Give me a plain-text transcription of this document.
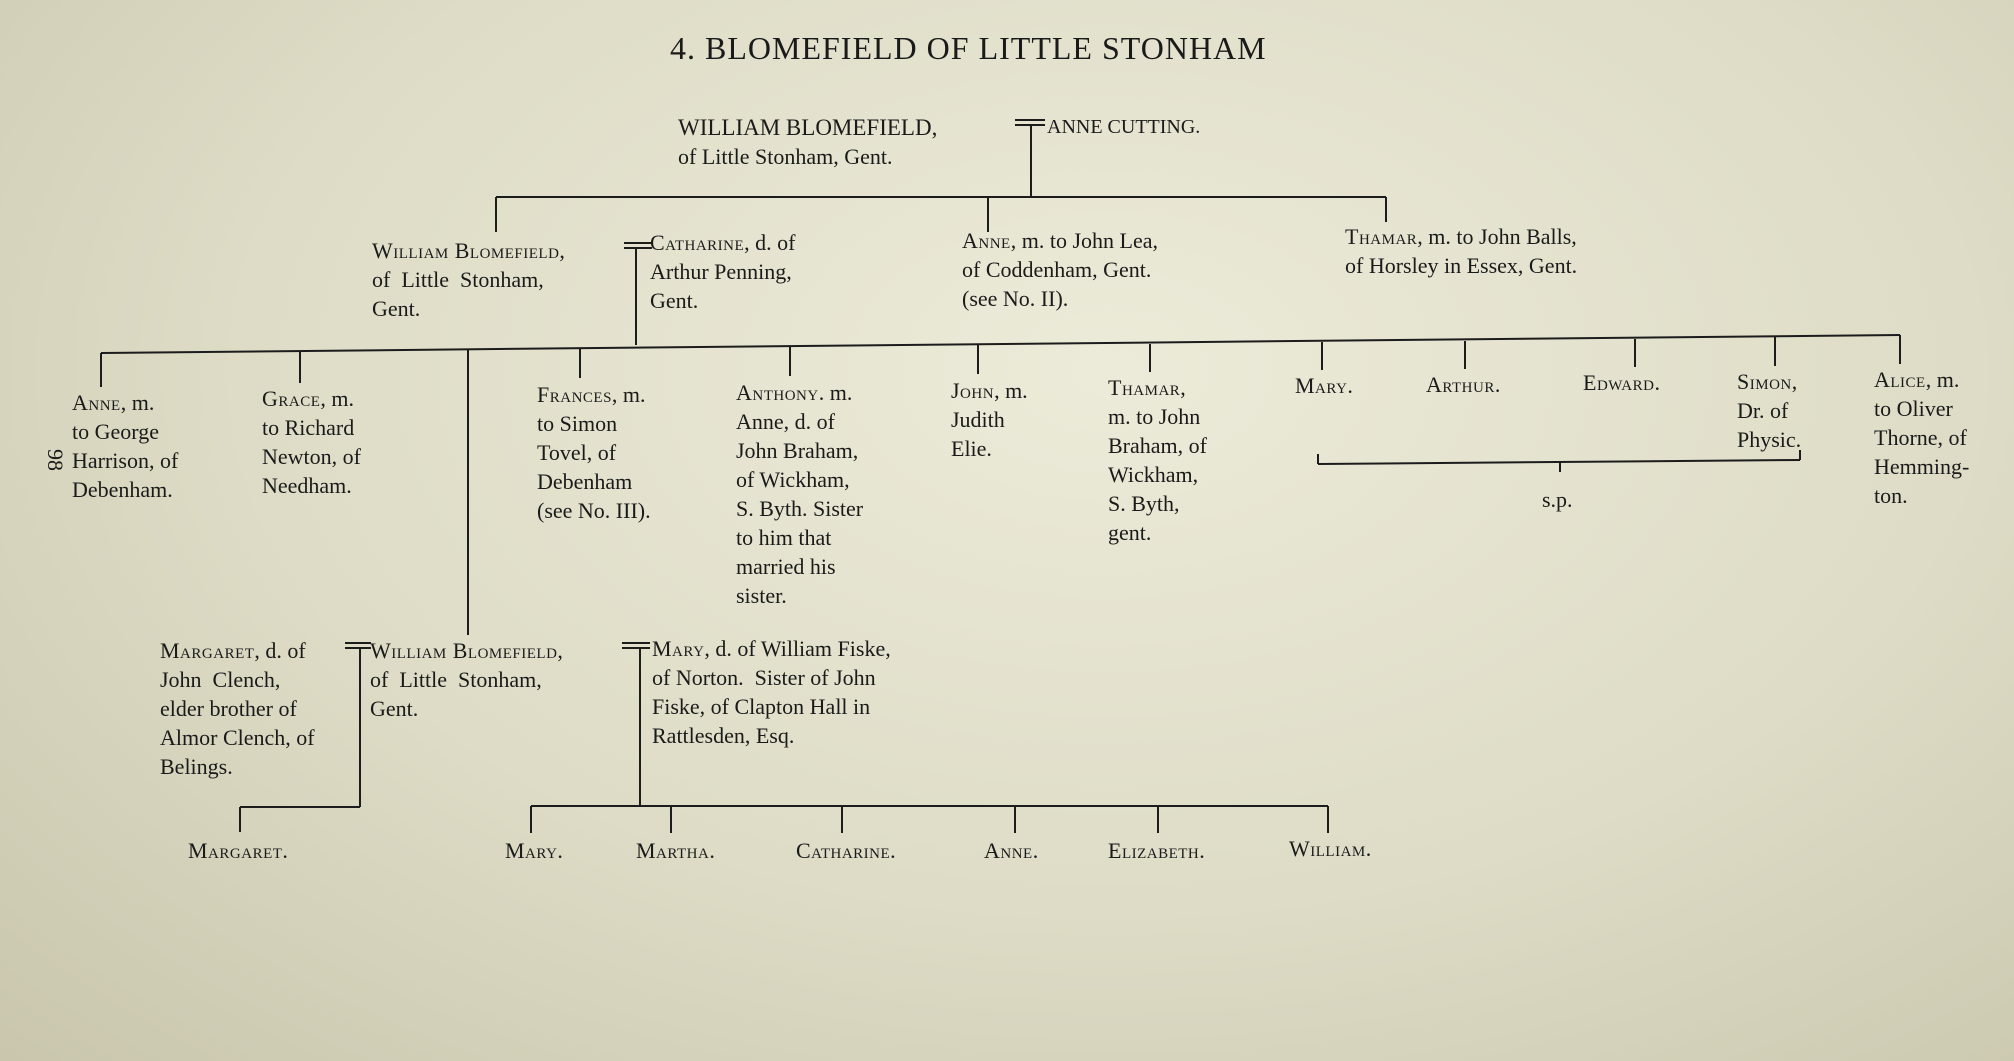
4. BLOMEFIELD OF LITTLE STONHAM
98
WILLIAM BLOMEFIELD,
of Little Stonham, Gent.
ANNE CUTTING.
William Blomefield,
of  Little  Stonham,
Gent.
Catharine, d. of
Arthur Penning,
Gent.
Anne, m. to John Lea,
of Coddenham, Gent.
(see No. II).
Thamar, m. to John Balls,
of Horsley in Essex, Gent.
Anne, m.
to George
Harrison, of
Debenham.
Grace, m.
to Richard
Newton, of
Needham.
Frances, m.
to Simon
Tovel, of
Debenham
(see No. III).
Anthony. m.
Anne, d. of
John Braham,
of Wickham,
S. Byth. Sister
to him that
married his
sister.
John, m.
Judith
Elie.
Thamar,
m. to John
Braham, of
Wickham,
S. Byth,
gent.
Mary.	Arthur.	Edward.	Simon,
Dr. of
Physic.
Alice, m.
to Oliver
Thorne, of
Hemming-
ton.
s.p.
Margaret, d. of
John  Clench,
elder brother of
Almor Clench, of
Belings.
William Blomefield,
of  Little  Stonham,
Gent.
Mary, d. of William Fiske,
of Norton.  Sister of John
Fiske, of Clapton Hall in
Rattlesden, Esq.
Margaret.	Mary.	Martha.	Catharine.	Anne.	Elizabeth.	William.
